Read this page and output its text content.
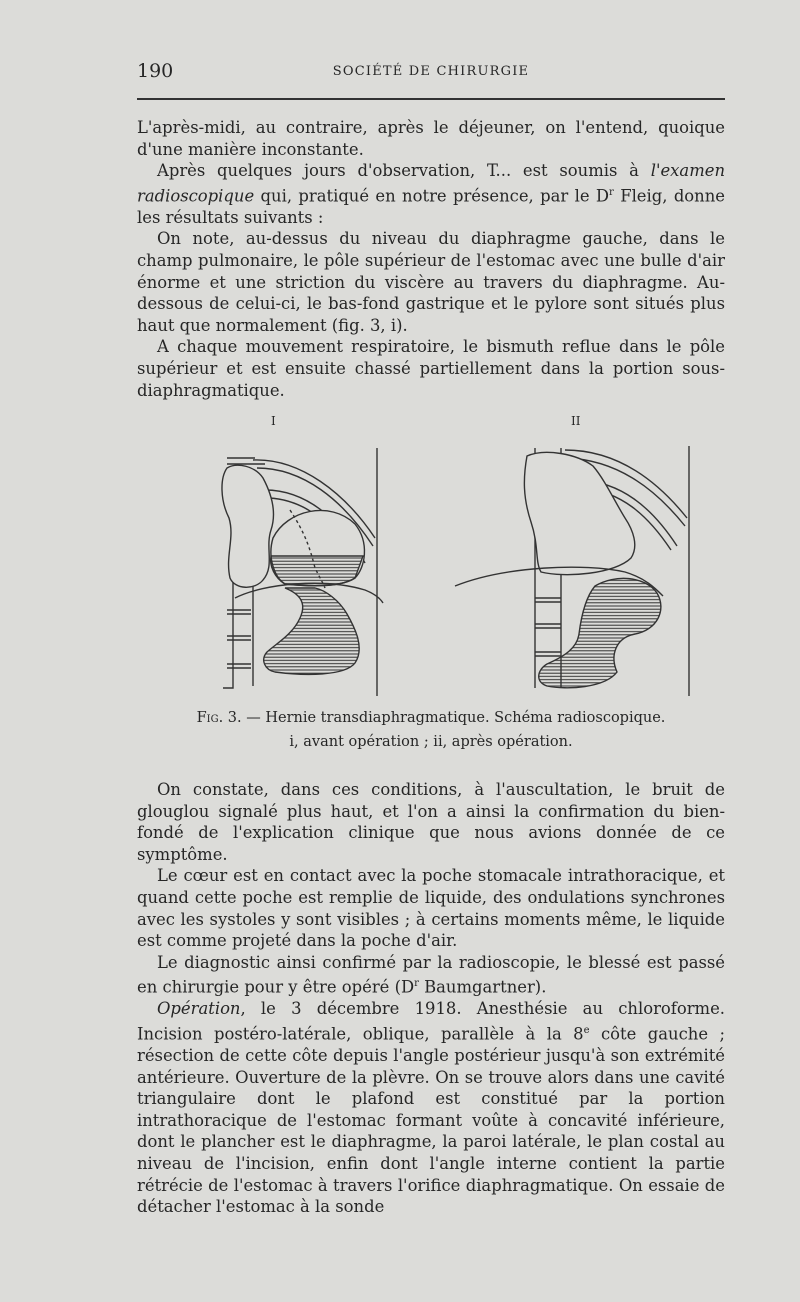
190	SOCIÉTÉ DE CHIRURGIE

L'après-midi, au contraire, après le déjeuner, on l'entend, quoique d'une manière inconstante.

Après quelques jours d'observation, T... est soumis à l'examen radioscopique qui, pratiqué en notre présence, par le $D^r$ Fleig, donne les résultats suivants :

On note, au-dessus du niveau du diaphragme gauche, dans le champ pulmonaire, le pôle supérieur de l'estomac avec une bulle d'air énorme et une striction du viscère au travers du diaphragme. Au-dessous de celui-ci, le bas-fond gastrique et le pylore sont situés plus haut que normalement (fig. 3, i).

A chaque mouvement respiratoire, le bismuth reflue dans le pôle supérieur et est ensuite chassé partiellement dans la portion sous-diaphragmatique.

I	II
Fig. 3. — Hernie transdiaphragmatique. Schéma radioscopique.
i, avant opération ; ii, après opération.

On constate, dans ces conditions, à l'auscultation, le bruit de glouglou signalé plus haut, et l'on a ainsi la confirmation du bien-fondé de l'explication clinique que nous avions donnée de ce symptôme.

Le cœur est en contact avec la poche stomacale intrathoracique, et quand cette poche est remplie de liquide, des ondulations synchrones avec les systoles y sont visibles ; à certains moments même, le liquide est comme projeté dans la poche d'air.

Le diagnostic ainsi confirmé par la radioscopie, le blessé est passé en chirurgie pour y être opéré ($D^r$ Baumgartner).

Opération, le 3 décembre 1918. Anesthésie au chloroforme. Incision postéro-latérale, oblique, parallèle à la 8e côte gauche ; résection de cette côte depuis l'angle postérieur jusqu'à son extrémité antérieure. Ouverture de la plèvre. On se trouve alors dans une cavité triangulaire dont le plafond est constitué par la portion intrathoracique de l'estomac formant voûte à concavité inférieure, dont le plancher est le diaphragme, la paroi latérale, le plan costal au niveau de l'incision, enfin dont l'angle interne contient la partie rétrécie de l'estomac à travers l'orifice diaphragmatique. On essaie de détacher l'estomac à la sonde
